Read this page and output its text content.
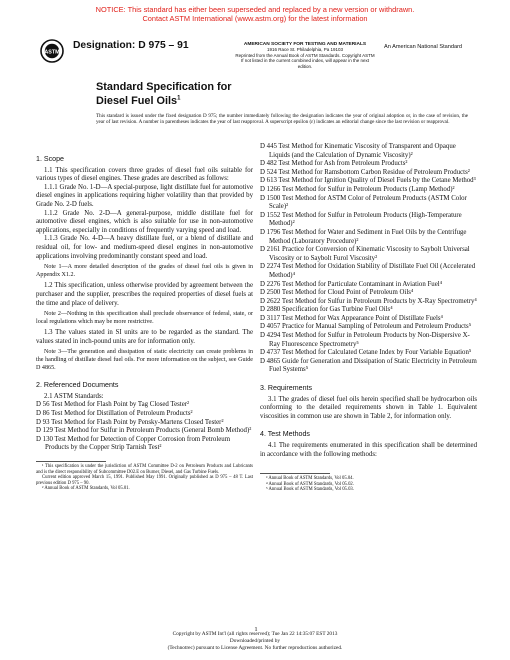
NOTICE: This standard has either been superseded and replaced by a new version or withdrawn.
Contact ASTM International (www.astm.org) for the latest information
ASTM
Designation: D 975 – 91	AMERICAN SOCIETY FOR TESTING AND MATERIALS
1916 Race St. Philadelphia, Pa 19103
Reprinted from the Annual Book of ASTM Standards. Copyright ASTM
If not listed in the current combined index, will appear in the next edition.
An American National Standard
Standard Specification for
Diesel Fuel Oils$^1$
This standard is issued under the fixed designation D 975; the number immediately following the designation indicates the year of original adoption or, in the case of revision, the year of last revision. A number in parentheses indicates the year of last reapproval. A superscript epsilon (ε) indicates an editorial change since the last revision or reapproval.
1. Scope

1.1 This specification covers three grades of diesel fuel oils suitable for various types of diesel engines. These grades are described as follows:

1.1.1 Grade No. 1-D—A special-purpose, light distillate fuel for automotive diesel engines in applications requiring higher volatility than that provided by Grade No. 2-D fuels.

1.1.2 Grade No. 2-D—A general-purpose, middle distillate fuel for automotive diesel engines, which is also suitable for use in non-automotive applications, especially in conditions of frequently varying speed and load.

1.1.3 Grade No. 4-D—A heavy distillate fuel, or a blend of distillate and residual oil, for low- and medium-speed diesel engines in non-automotive applications involving predominantly constant speed and load.

Note 1—A more detailed description of the grades of diesel fuel oils is given in Appendix X1.2.

1.2 This specification, unless otherwise provided by agreement between the purchaser and the supplier, prescribes the required properties of diesel fuels at the time and place of delivery.

Note 2—Nothing in this specification shall preclude observance of federal, state, or local regulations which may be more restrictive.

1.3 The values stated in SI units are to be regarded as the standard. The values stated in inch-pound units are for information only.

Note 3—The generation and dissipation of static electricity can create problems in the handling of distillate diesel fuel oils. For more information on the subject, see Guide D 4865.

2. Referenced Documents

2.1 ASTM Standards:

D 56 Test Method for Flash Point by Tag Closed Tester²

D 86 Test Method for Distillation of Petroleum Products²

D 93 Test Method for Flash Point by Pensky-Martens Closed Tester²

D 129 Test Method for Sulfur in Petroleum Products (General Bomb Method)²

D 130 Test Method for Detection of Copper Corrosion from Petroleum Products by the Copper Strip Tarnish Test²

¹ This specification is under the jurisdiction of ASTM Committee D-2 on Petroleum Products and Lubricants and is the direct responsibility of Subcommittee D02.E on Burner, Diesel, and Gas Turbine Fuels.

Current edition approved March 15, 1991. Published May 1991. Originally published as D 975 – 48 T. Last previous edition D 975 – 90.

² Annual Book of ASTM Standards, Vol 05.01.

D 445 Test Method for Kinematic Viscosity of Transparent and Opaque Liquids (and the Calculation of Dynamic Viscosity)²

D 482 Test Method for Ash from Petroleum Products²

D 524 Test Method for Ramsbottom Carbon Residue of Petroleum Products²

D 613 Test Method for Ignition Quality of Diesel Fuels by the Cetane Method³

D 1266 Test Method for Sulfur in Petroleum Products (Lamp Method)²

D 1500 Test Method for ASTM Color of Petroleum Products (ASTM Color Scale)²

D 1552 Test Method for Sulfur in Petroleum Products (High-Temperature Method)²

D 1796 Test Method for Water and Sediment in Fuel Oils by the Centrifuge Method (Laboratory Procedure)²

D 2161 Practice for Conversion of Kinematic Viscosity to Saybolt Universal Viscosity or to Saybolt Furol Viscosity²

D 2274 Test Method for Oxidation Stability of Distillate Fuel Oil (Accelerated Method)⁴

D 2276 Test Method for Particulate Contaminant in Aviation Fuel⁴

D 2500 Test Method for Cloud Point of Petroleum Oils⁴

D 2622 Test Method for Sulfur in Petroleum Products by X-Ray Spectrometry⁴

D 2880 Specification for Gas Turbine Fuel Oils⁴

D 3117 Test Method for Wax Appearance Point of Distillate Fuels⁴

D 4057 Practice for Manual Sampling of Petroleum and Petroleum Products⁵

D 4294 Test Method for Sulfur in Petroleum Products by Non-Dispersive X-Ray Fluorescence Spectrometry⁵

D 4737 Test Method for Calculated Cetane Index by Four Variable Equation⁵

D 4865 Guide for Generation and Dissipation of Static Electricity in Petroleum Fuel Systems⁵

3. Requirements

3.1 The grades of diesel fuel oils herein specified shall be hydrocarbon oils conforming to the detailed requirements shown in Table 1. Equivalent viscosities in common use are shown in Table 2, for information only.

4. Test Methods

4.1 The requirements enumerated in this specification shall be determined in accordance with the following methods:

³ Annual Book of ASTM Standards, Vol 05.04.

⁴ Annual Book of ASTM Standards, Vol 05.02.

⁵ Annual Book of ASTM Standards, Vol 05.03.

1
Copyright by ASTM Int'l (all rights reserved); Tue Jan 22 14:35:07 EST 2013
Downloaded/printed by
(Technotrec) pursuant to License Agreement. No further reproductions authorized.
